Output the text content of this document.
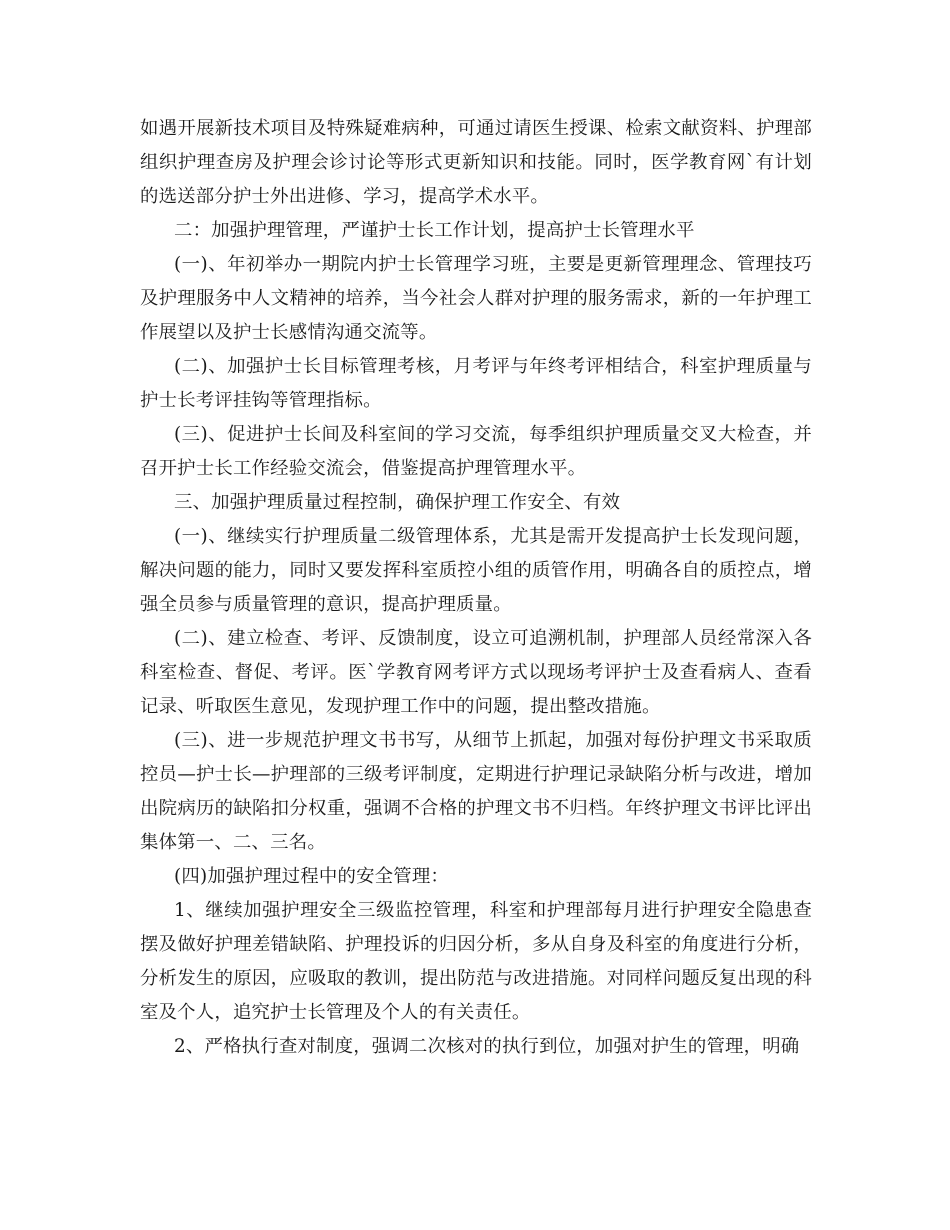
如遇开展新技术项目及特殊疑难病种，可通过请医生授课、检索文献资料、护理部组织护理查房及护理会诊讨论等形式更新知识和技能。同时，医学教育网`有计划的选送部分护士外出进修、学习，提高学术水平。

二：加强护理管理，严谨护士长工作计划，提高护士长管理水平

(一)、年初举办一期院内护士长管理学习班，主要是更新管理理念、管理技巧及护理服务中人文精神的培养，当今社会人群对护理的服务需求，新的一年护理工作展望以及护士长感情沟通交流等。

(二)、加强护士长目标管理考核，月考评与年终考评相结合，科室护理质量与护士长考评挂钩等管理指标。

(三)、促进护士长间及科室间的学习交流，每季组织护理质量交叉大检查，并召开护士长工作经验交流会，借鉴提高护理管理水平。

三、加强护理质量过程控制，确保护理工作安全、有效

(一)、继续实行护理质量二级管理体系，尤其是需开发提高护士长发现问题，解决问题的能力，同时又要发挥科室质控小组的质管作用，明确各自的质控点，增强全员参与质量管理的意识，提高护理质量。

(二)、建立检查、考评、反馈制度，设立可追溯机制，护理部人员经常深入各科室检查、督促、考评。医`学教育网考评方式以现场考评护士及查看病人、查看记录、听取医生意见，发现护理工作中的问题，提出整改措施。

(三)、进一步规范护理文书书写，从细节上抓起，加强对每份护理文书采取质控员—护士长—护理部的三级考评制度，定期进行护理记录缺陷分析与改进，增加出院病历的缺陷扣分权重，强调不合格的护理文书不归档。年终护理文书评比评出集体第一、二、三名。

(四)加强护理过程中的安全管理：

1、继续加强护理安全三级监控管理，科室和护理部每月进行护理安全隐患查摆及做好护理差错缺陷、护理投诉的归因分析，多从自身及科室的角度进行分析，分析发生的原因，应吸取的教训，提出防范与改进措施。对同样问题反复出现的科室及个人，追究护士长管理及个人的有关责任。

2、严格执行查对制度，强调二次核对的执行到位，加强对护生的管理，明确
